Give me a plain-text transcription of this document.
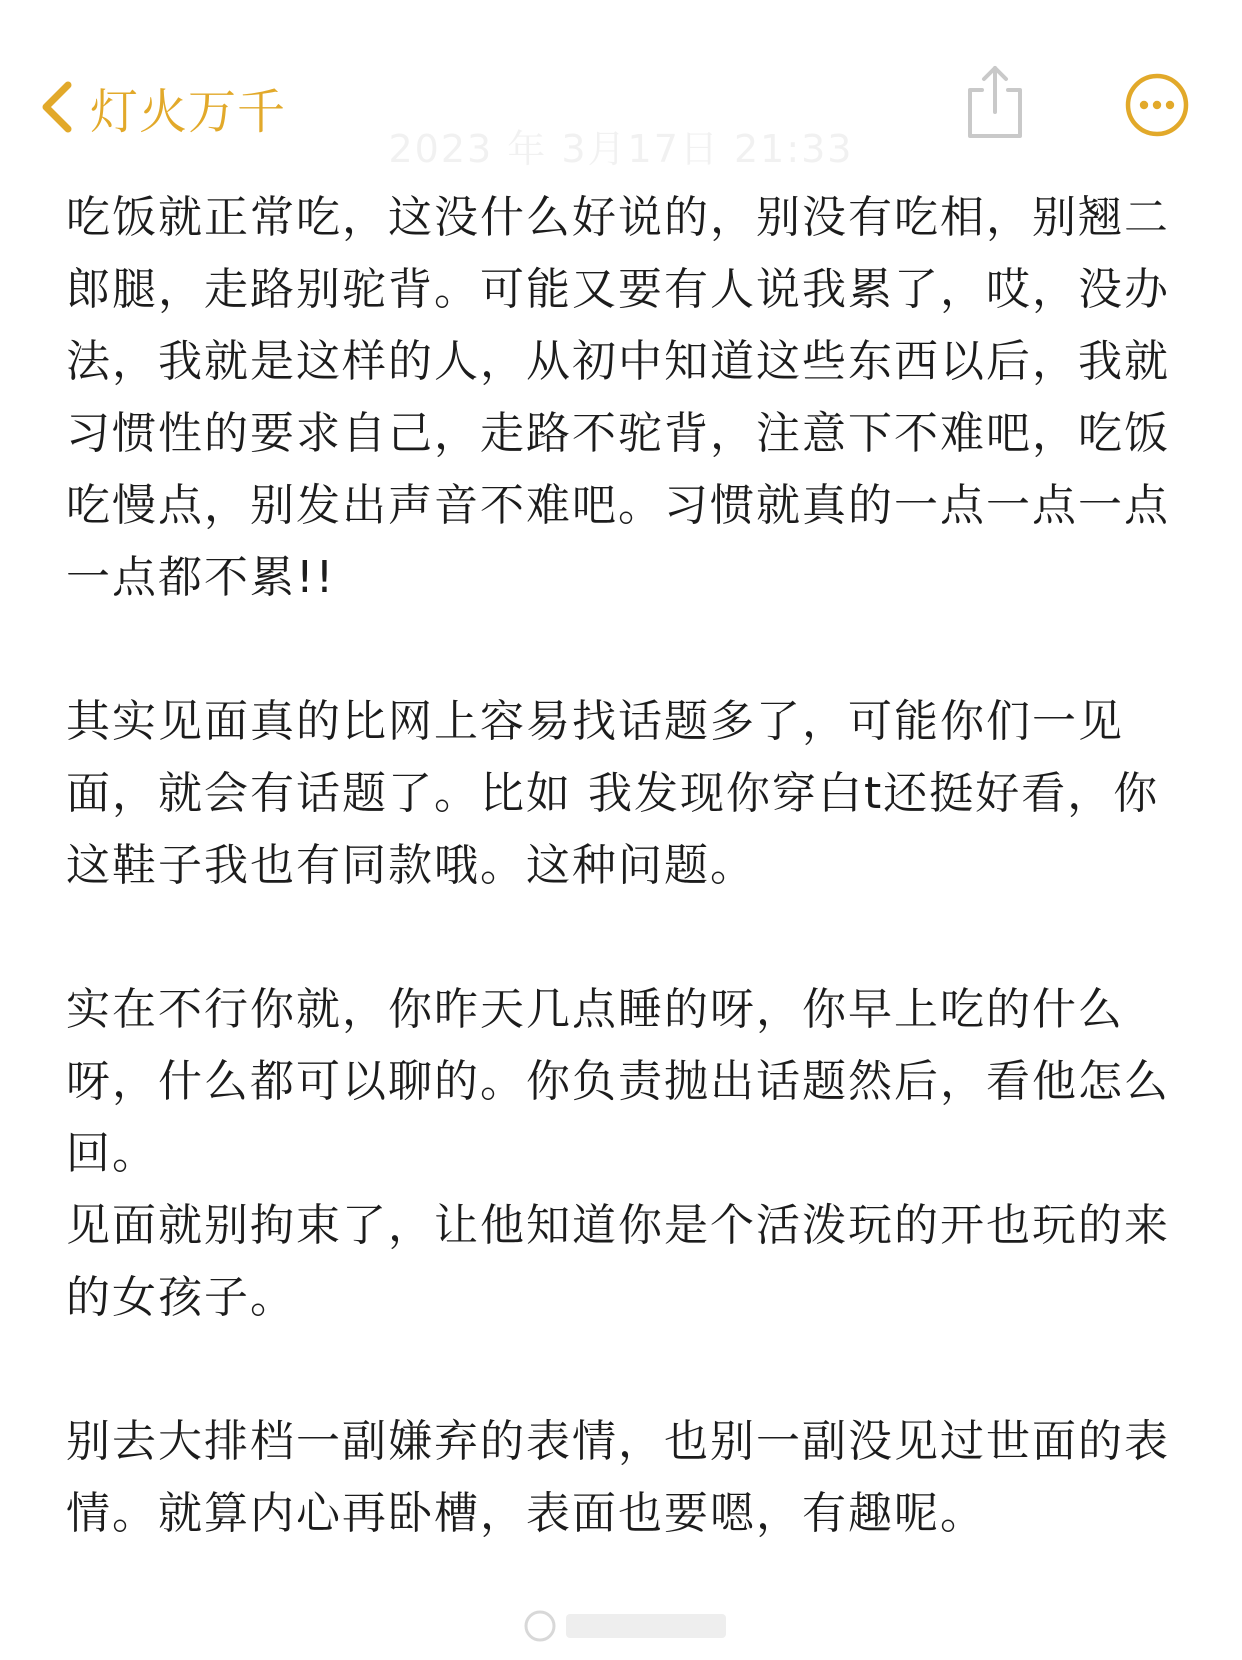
灯火万千
2023 年 3月17日 21:33

吃饭就正常吃，这没什么好说的，别没有吃相，别翘二郎腿，走路别驼背。可能又要有人说我累了，哎，没办法，我就是这样的人，从初中知道这些东西以后，我就习惯性的要求自己，走路不驼背，注意下不难吧，吃饭吃慢点，别发出声音不难吧。习惯就真的一点一点一点一点都不累!!

其实见面真的比网上容易找话题多了，可能你们一见面，就会有话题了。比如 我发现你穿白t还挺好看，你这鞋子我也有同款哦。这种问题。

实在不行你就，你昨天几点睡的呀，你早上吃的什么呀，什么都可以聊的。你负责抛出话题然后，看他怎么回。

见面就别拘束了，让他知道你是个活泼玩的开也玩的来的女孩子。

别去大排档一副嫌弃的表情，也别一副没见过世面的表情。就算内心再卧槽，表面也要嗯，有趣呢。
